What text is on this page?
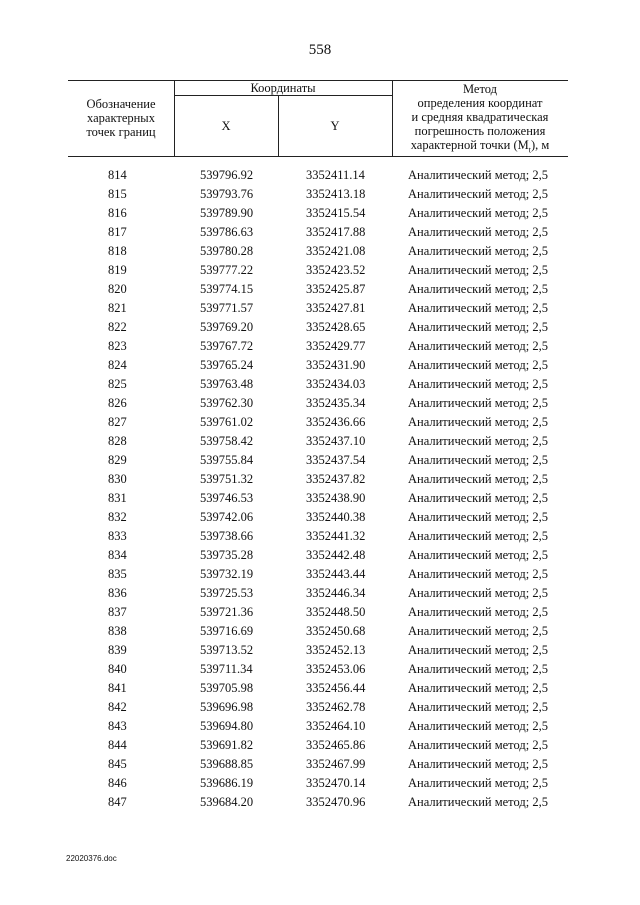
558
Обозначение
характерных
точек границ
Координаты
X	Y
Метод
определения координат
и средняя квадратическая
погрешность положения
характерной точки $(M_t)$, м
814	539796.92	3352411.14	Аналитический метод; 2,5
815	539793.76	3352413.18	Аналитический метод; 2,5
816	539789.90	3352415.54	Аналитический метод; 2,5
817	539786.63	3352417.88	Аналитический метод; 2,5
818	539780.28	3352421.08	Аналитический метод; 2,5
819	539777.22	3352423.52	Аналитический метод; 2,5
820	539774.15	3352425.87	Аналитический метод; 2,5
821	539771.57	3352427.81	Аналитический метод; 2,5
822	539769.20	3352428.65	Аналитический метод; 2,5
823	539767.72	3352429.77	Аналитический метод; 2,5
824	539765.24	3352431.90	Аналитический метод; 2,5
825	539763.48	3352434.03	Аналитический метод; 2,5
826	539762.30	3352435.34	Аналитический метод; 2,5
827	539761.02	3352436.66	Аналитический метод; 2,5
828	539758.42	3352437.10	Аналитический метод; 2,5
829	539755.84	3352437.54	Аналитический метод; 2,5
830	539751.32	3352437.82	Аналитический метод; 2,5
831	539746.53	3352438.90	Аналитический метод; 2,5
832	539742.06	3352440.38	Аналитический метод; 2,5
833	539738.66	3352441.32	Аналитический метод; 2,5
834	539735.28	3352442.48	Аналитический метод; 2,5
835	539732.19	3352443.44	Аналитический метод; 2,5
836	539725.53	3352446.34	Аналитический метод; 2,5
837	539721.36	3352448.50	Аналитический метод; 2,5
838	539716.69	3352450.68	Аналитический метод; 2,5
839	539713.52	3352452.13	Аналитический метод; 2,5
840	539711.34	3352453.06	Аналитический метод; 2,5
841	539705.98	3352456.44	Аналитический метод; 2,5
842	539696.98	3352462.78	Аналитический метод; 2,5
843	539694.80	3352464.10	Аналитический метод; 2,5
844	539691.82	3352465.86	Аналитический метод; 2,5
845	539688.85	3352467.99	Аналитический метод; 2,5
846	539686.19	3352470.14	Аналитический метод; 2,5
847	539684.20	3352470.96	Аналитический метод; 2,5
22020376.doc
